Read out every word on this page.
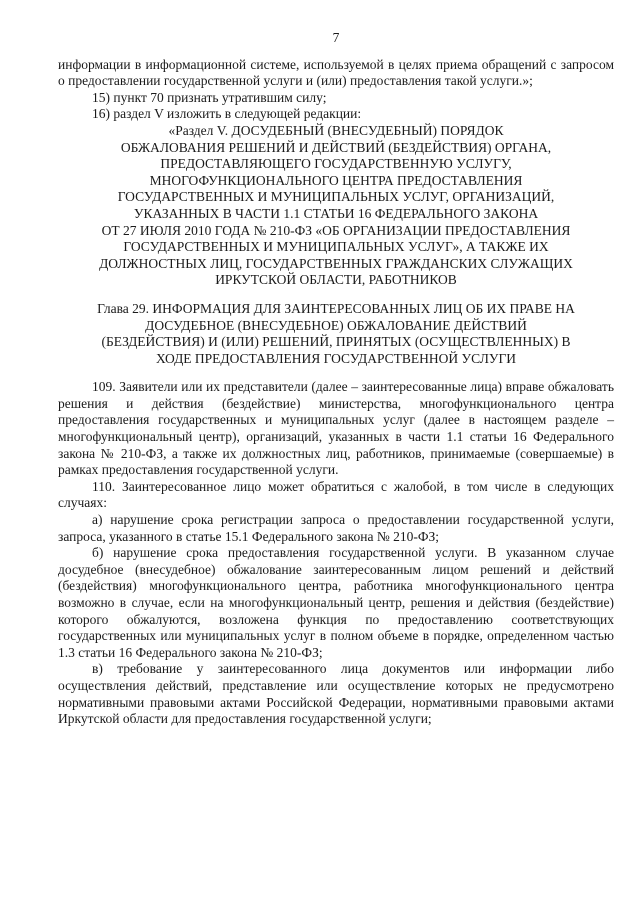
7

информации в информационной системе, используемой в целях приема обращений с запросом о предоставлении государственной услуги и (или) предоставления такой услуги.»;

15) пункт 70 признать утратившим силу;

16) раздел V изложить в следующей редакции:

«Раздел V. ДОСУДЕБНЫЙ (ВНЕСУДЕБНЫЙ) ПОРЯДОК
ОБЖАЛОВАНИЯ РЕШЕНИЙ И ДЕЙСТВИЙ (БЕЗДЕЙСТВИЯ) ОРГАНА,
ПРЕДОСТАВЛЯЮЩЕГО ГОСУДАРСТВЕННУЮ УСЛУГУ,
МНОГОФУНКЦИОНАЛЬНОГО ЦЕНТРА ПРЕДОСТАВЛЕНИЯ
ГОСУДАРСТВЕННЫХ И МУНИЦИПАЛЬНЫХ УСЛУГ, ОРГАНИЗАЦИЙ,
УКАЗАННЫХ В ЧАСТИ 1.1 СТАТЬИ 16 ФЕДЕРАЛЬНОГО ЗАКОНА
ОТ 27 ИЮЛЯ 2010 ГОДА № 210-ФЗ «ОБ ОРГАНИЗАЦИИ ПРЕДОСТАВЛЕНИЯ
ГОСУДАРСТВЕННЫХ И МУНИЦИПАЛЬНЫХ УСЛУГ», А ТАКЖЕ ИХ
ДОЛЖНОСТНЫХ ЛИЦ, ГОСУДАРСТВЕННЫХ ГРАЖДАНСКИХ СЛУЖАЩИХ
ИРКУТСКОЙ ОБЛАСТИ, РАБОТНИКОВ
Глава 29. ИНФОРМАЦИЯ ДЛЯ ЗАИНТЕРЕСОВАННЫХ ЛИЦ ОБ ИХ ПРАВЕ НА
ДОСУДЕБНОЕ (ВНЕСУДЕБНОЕ) ОБЖАЛОВАНИЕ ДЕЙСТВИЙ
(БЕЗДЕЙСТВИЯ) И (ИЛИ) РЕШЕНИЙ, ПРИНЯТЫХ (ОСУЩЕСТВЛЕННЫХ) В
ХОДЕ ПРЕДОСТАВЛЕНИЯ ГОСУДАРСТВЕННОЙ УСЛУГИ

109. Заявители или их представители (далее – заинтересованные лица) вправе обжаловать решения и действия (бездействие) министерства, многофункционального центра предоставления государственных и муниципальных услуг (далее в настоящем разделе – многофункциональный центр), организаций, указанных в части 1.1 статьи 16 Федерального закона № 210-ФЗ, а также их должностных лиц, работников, принимаемые (совершаемые) в рамках предоставления государственной услуги.

110. Заинтересованное лицо может обратиться с жалобой, в том числе в следующих случаях:

а) нарушение срока регистрации запроса о предоставлении государственной услуги, запроса, указанного в статье 15.1 Федерального закона № 210-ФЗ;

б) нарушение срока предоставления государственной услуги. В указанном случае досудебное (внесудебное) обжалование заинтересованным лицом решений и действий (бездействия) многофункционального центра, работника многофункционального центра возможно в случае, если на многофункциональный центр, решения и действия (бездействие) которого обжалуются, возложена функция по предоставлению соответствующих государственных или муниципальных услуг в полном объеме в порядке, определенном частью 1.3 статьи 16 Федерального закона № 210-ФЗ;

в) требование у заинтересованного лица документов или информации либо осуществления действий, представление или осуществление которых не предусмотрено нормативными правовыми актами Российской Федерации, нормативными правовыми актами Иркутской области для предоставления государственной услуги;
